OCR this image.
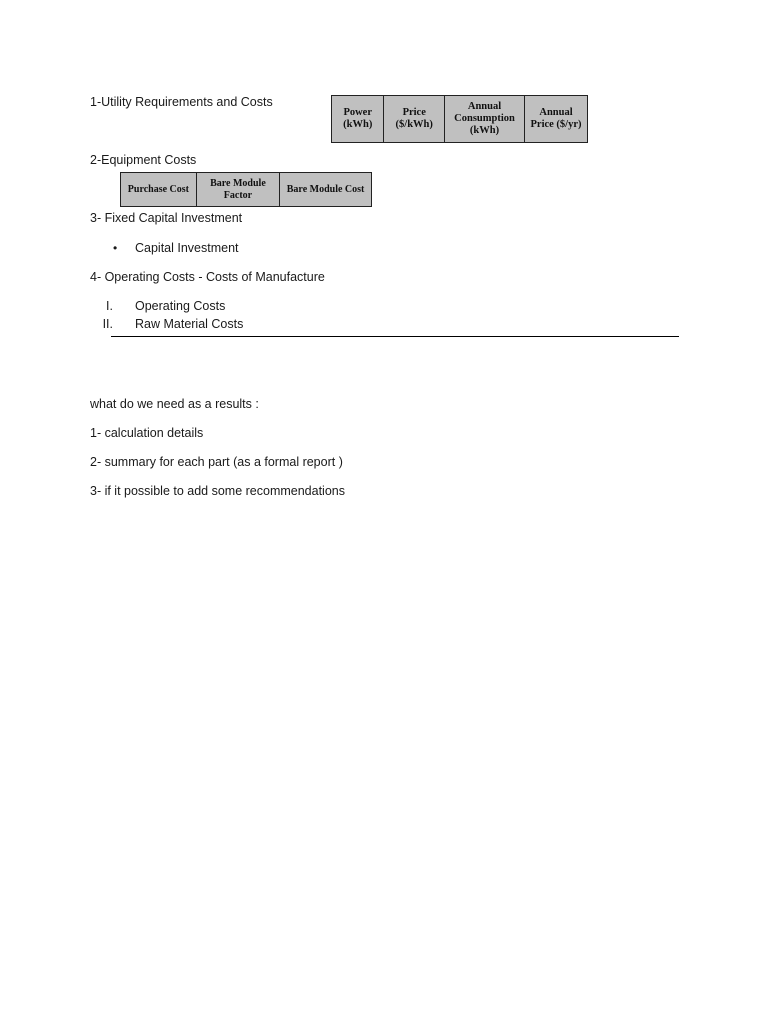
1-Utility Requirements and Costs
Power
(kWh)

Price
($/kWh)

Annual
Consumption
(kWh)

Annual
Price ($/yr)
2-Equipment Costs
Purchase Cost

Bare Module
Factor

Bare Module Cost
3- Fixed Capital Investment
• Capital Investment
4- Operating Costs - Costs of Manufacture
I. Operating Costs
II. Raw Material Costs
what do we need as a results :
1- calculation details
2- summary for each part (as a formal report )
3- if it possible to add some recommendations
